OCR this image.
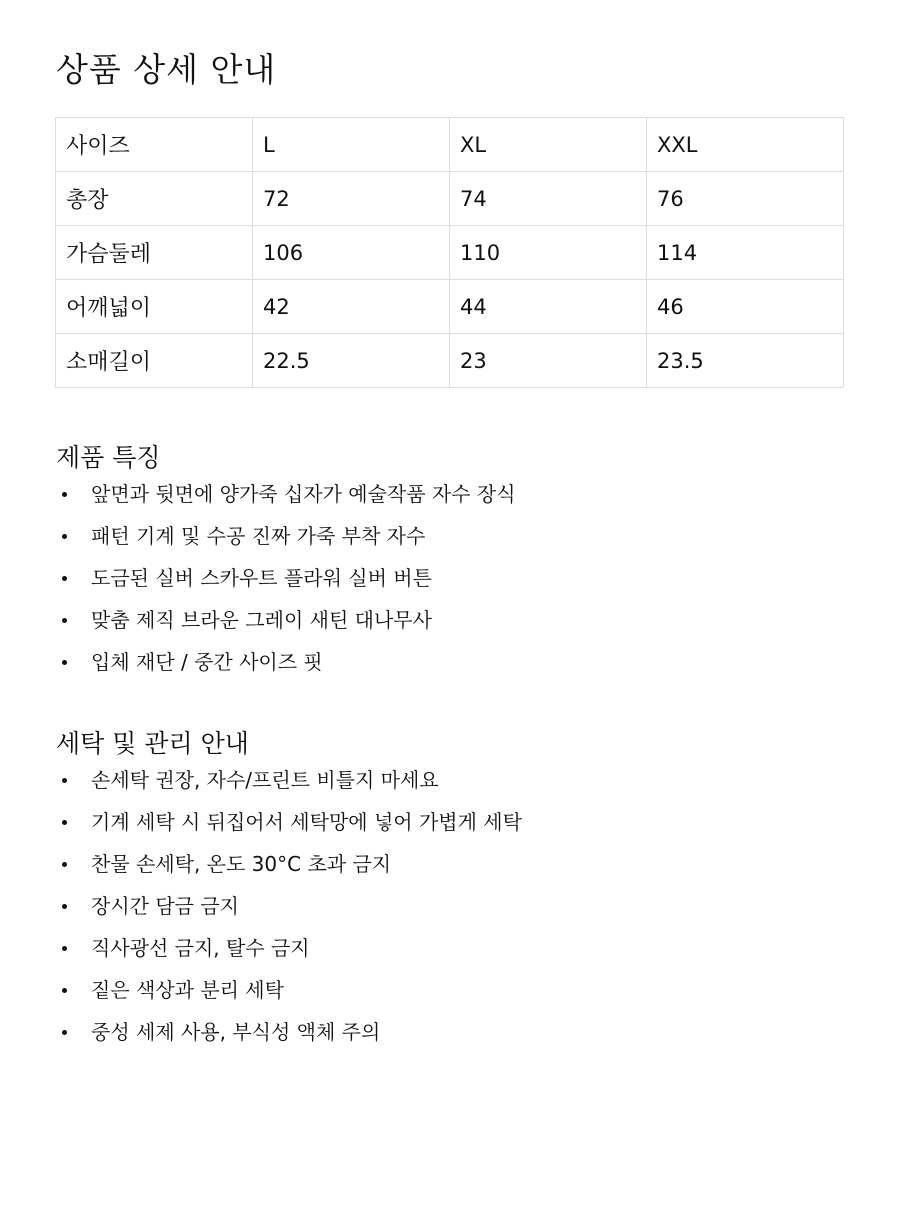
상품 상세 안내
사이즈	L	XL	XXL
총장	72	74	76
가슴둘레	106	110	114
어깨넓이	42	44	46
소매길이	22.5	23	23.5
제품 특징
앞면과 뒷면에 양가죽 십자가 예술작품 자수 장식
패턴 기계 및 수공 진짜 가죽 부착 자수
도금된 실버 스카우트 플라워 실버 버튼
맞춤 제직 브라운 그레이 새틴 대나무사
입체 재단 / 중간 사이즈 핏
세탁 및 관리 안내
손세탁 권장, 자수/프린트 비틀지 마세요
기계 세탁 시 뒤집어서 세탁망에 넣어 가볍게 세탁
찬물 손세탁, 온도 30°C 초과 금지
장시간 담금 금지
직사광선 금지, 탈수 금지
짙은 색상과 분리 세탁
중성 세제 사용, 부식성 액체 주의
